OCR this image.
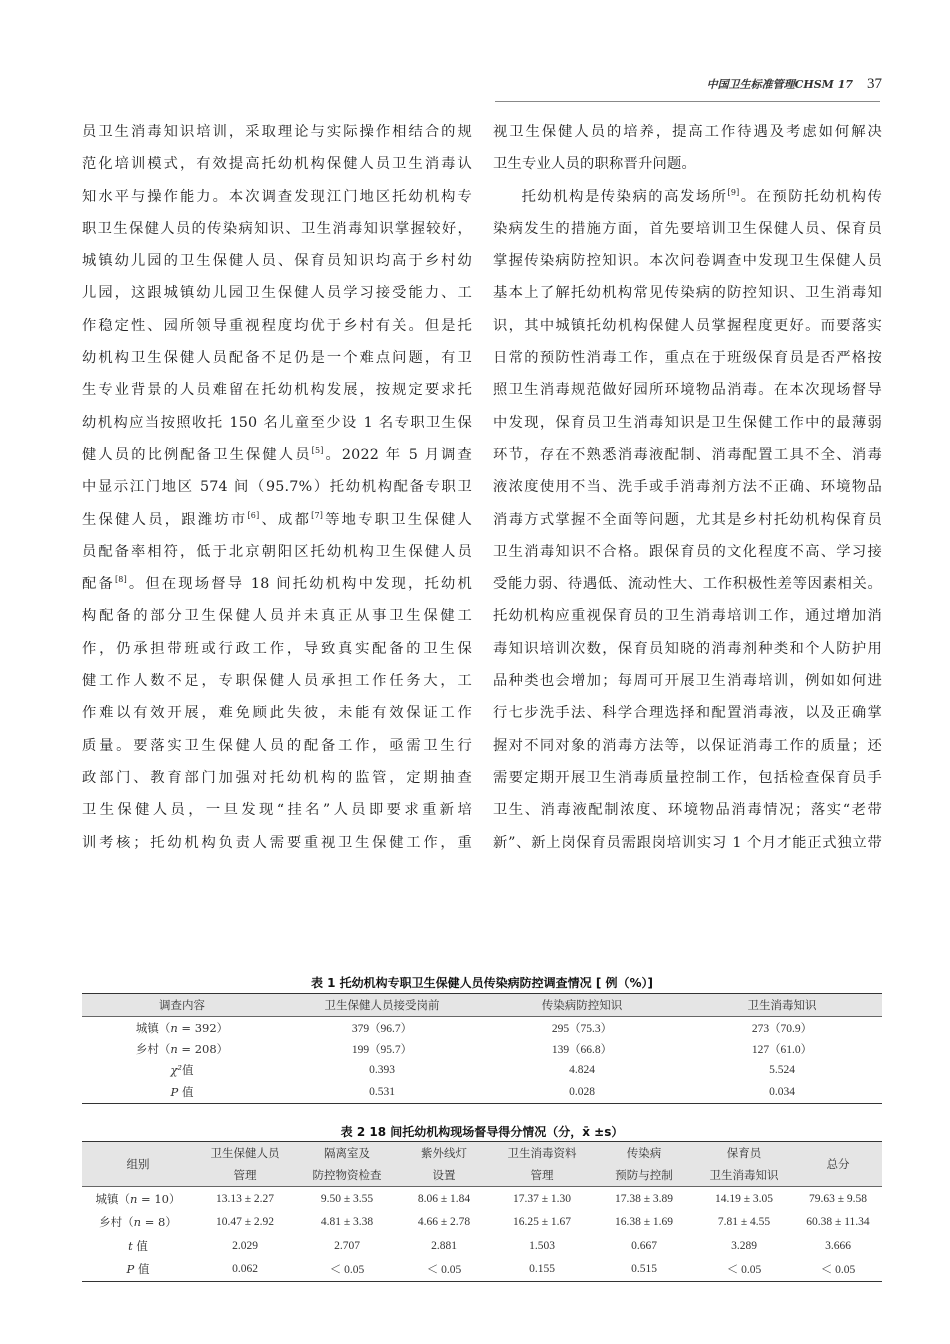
中国卫生标准管理CHSM 17 37

员卫生消毒知识培训，采取理论与实际操作相结合的规

范化培训模式，有效提高托幼机构保健人员卫生消毒认

知水平与操作能力。本次调查发现江门地区托幼机构专

职卫生保健人员的传染病知识、卫生消毒知识掌握较好，

城镇幼儿园的卫生保健人员、保育员知识均高于乡村幼

儿园，这跟城镇幼儿园卫生保健人员学习接受能力、工

作稳定性、园所领导重视程度均优于乡村有关。但是托

幼机构卫生保健人员配备不足仍是一个难点问题，有卫

生专业背景的人员难留在托幼机构发展，按规定要求托

幼机构应当按照收托 150 名儿童至少设 1 名专职卫生保

健人员的比例配备卫生保健人员[5]。2022 年 5 月调查

中显示江门地区 574 间（95.7%）托幼机构配备专职卫

生保健人员，跟潍坊市[6]、成都[7]等地专职卫生保健人

员配备率相符，低于北京朝阳区托幼机构卫生保健人员

配备[8]。但在现场督导 18 间托幼机构中发现，托幼机

构配备的部分卫生保健人员并未真正从事卫生保健工

作，仍承担带班或行政工作，导致真实配备的卫生保

健工作人数不足，专职保健人员承担工作任务大，工

作难以有效开展，难免顾此失彼，未能有效保证工作

质量。要落实卫生保健人员的配备工作，亟需卫生行

政部门、教育部门加强对托幼机构的监管，定期抽查

卫生保健人员，一旦发现“挂名”人员即要求重新培

训考核；托幼机构负责人需要重视卫生保健工作，重

视卫生保健人员的培养，提高工作待遇及考虑如何解决

卫生专业人员的职称晋升问题。

托幼机构是传染病的高发场所[9]。在预防托幼机构传

染病发生的措施方面，首先要培训卫生保健人员、保育员

掌握传染病防控知识。本次问卷调查中发现卫生保健人员

基本上了解托幼机构常见传染病的防控知识、卫生消毒知

识，其中城镇托幼机构保健人员掌握程度更好。而要落实

日常的预防性消毒工作，重点在于班级保育员是否严格按

照卫生消毒规范做好园所环境物品消毒。在本次现场督导

中发现，保育员卫生消毒知识是卫生保健工作中的最薄弱

环节，存在不熟悉消毒液配制、消毒配置工具不全、消毒

液浓度使用不当、洗手或手消毒剂方法不正确、环境物品

消毒方式掌握不全面等问题，尤其是乡村托幼机构保育员

卫生消毒知识不合格。跟保育员的文化程度不高、学习接

受能力弱、待遇低、流动性大、工作积极性差等因素相关。

托幼机构应重视保育员的卫生消毒培训工作，通过增加消

毒知识培训次数，保育员知晓的消毒剂种类和个人防护用

品种类也会增加；每周可开展卫生消毒培训，例如如何进

行七步洗手法、科学合理选择和配置消毒液，以及正确掌

握对不同对象的消毒方法等，以保证消毒工作的质量；还

需要定期开展卫生消毒质量控制工作，包括检查保育员手

卫生、消毒液配制浓度、环境物品消毒情况；落实“老带

新”、新上岗保育员需跟岗培训实习 1 个月才能正式独立带

表 1 托幼机构专职卫生保健人员传染病防控调查情况 [ 例（%）]
调查内容	卫生保健人员接受岗前	传染病防控知识	卫生消毒知识
城镇（n = 392）	379（96.7）	295（75.3）	273（70.9）
乡村（n = 208）	199（95.7）	139（66.8）	127（61.0）
χ²值	0.393	4.824	5.524
P 值	0.531	0.028	0.034
表 2 18 间托幼机构现场督导得分情况（分，x̄ ±s）
组别	卫生保健人员	隔离室及	紫外线灯	卫生消毒资料	传染病	保育员	总分
	管理	防控物资检查	设置	管理	预防与控制	卫生消毒知识	
城镇（n = 10）	13.13 ± 2.27	9.50 ± 3.55	8.06 ± 1.84	17.37 ± 1.30	17.38 ± 3.89	14.19 ± 3.05	79.63 ± 9.58
乡村（n = 8）	10.47 ± 2.92	4.81 ± 3.38	4.66 ± 2.78	16.25 ± 1.67	16.38 ± 1.69	7.81 ± 4.55	60.38 ± 11.34
t 值	2.029	2.707	2.881	1.503	0.667	3.289	3.666
P 值	0.062	＜ 0.05	＜ 0.05	0.155	0.515	＜ 0.05	＜ 0.05
